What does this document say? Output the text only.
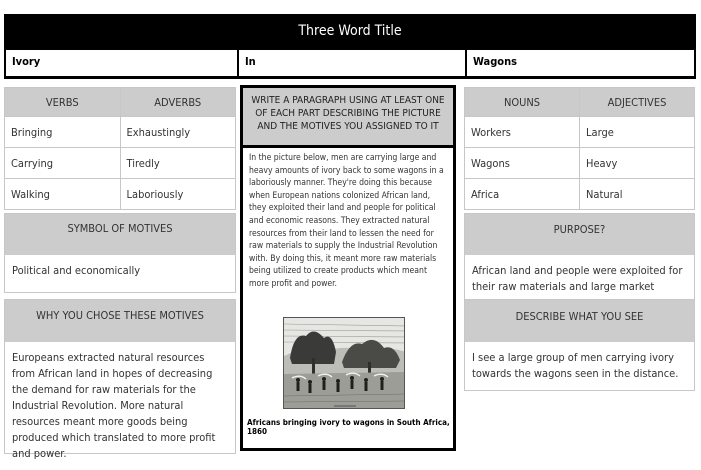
Three Word Title
Ivory	In	Wagons
VERBS	ADVERBS
Bringing	Exhaustingly
Carrying	Tiredly
Walking	Laboriously
SYMBOL OF MOTIVES
Political and economically
WHY YOU CHOSE THESE MOTIVES
Europeans extracted natural resources from African land in hopes of decreasing the demand for raw materials for the Industrial Revolution. More natural resources meant more goods being produced which translated to more profit and power.
WRITE A PARAGRAPH USING AT LEAST ONE OF EACH PART DESCRIBING THE PICTURE AND THE MOTIVES YOU ASSIGNED TO IT
In the picture below, men are carrying large and heavy amounts of ivory back to some wagons in a laboriously manner. They're doing this because when European nations colonized African land, they exploited their land and people for political and economic reasons. They extracted natural resources from their land to lessen the need for raw materials to supply the Industrial Revolution with. By doing this, it meant more raw materials being utilized to create products which meant more profit and power.
Africans bringing ivory to wagons in South Africa, 1860
NOUNS	ADJECTIVES
Workers	Large
Wagons	Heavy
Africa	Natural
PURPOSE?
African land and people were exploited for their raw materials and large market
DESCRIBE WHAT YOU SEE
I see a large group of men carrying ivory towards the wagons seen in the distance.
